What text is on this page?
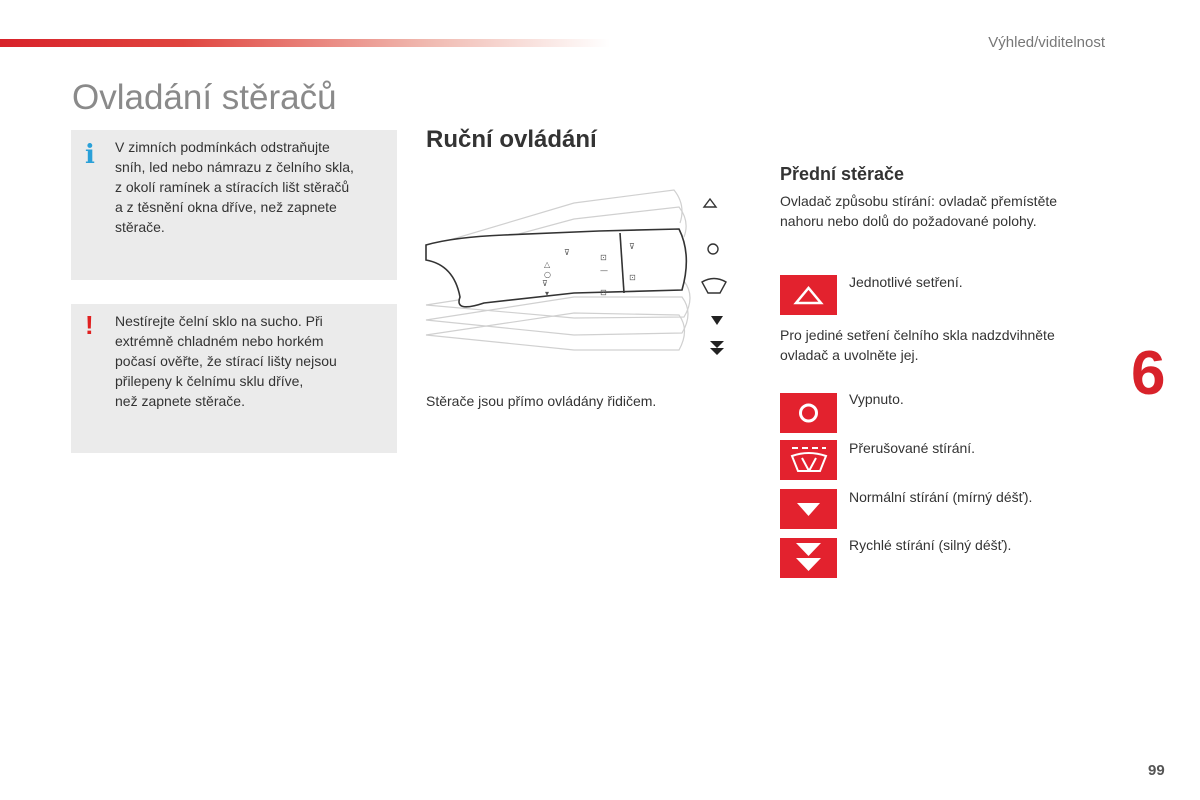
Výhled/viditelnost
Ovladání stěračů
i V zimních podmínkách odstraňujte
sníh, led nebo námrazu z čelního skla,
z okolí ramínek a stíracích lišt stěračů
a z těsnění okna dříve, než zapnete
stěrače.
! Nestírejte čelní sklo na sucho. Při
extrémně chladném nebo horkém
počasí ověřte, že stírací lišty nejsou
přilepeny k čelnímu sklu dříve,
než zapnete stěrače.
Ruční ovládání
△
○
⊽
▾
⊽
⊡
—
⊡
⊽
⊡
Stěrače jsou přímo ovládány řidičem.
Přední stěrače
Ovladač způsobu stírání: ovladač přemístěte
nahoru nebo dolů do požadované polohy.
Jednotlivé setření.
Pro jediné setření čelního skla nadzdvihněte
ovladač a uvolněte jej.
Vypnuto.
Přerušované stírání.
Normální stírání (mírný déšť).
Rychlé stírání (silný déšť).
6
99
